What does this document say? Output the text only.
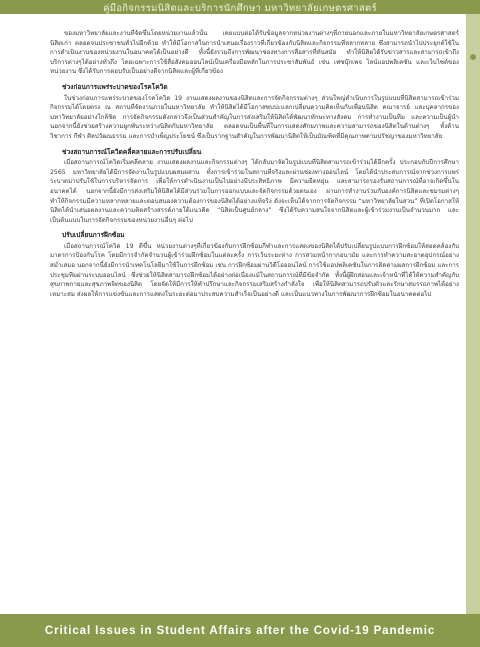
คู่มือกิจกรรมนิสิตและบริการนักศึกษา มหาวิทยาลัยเกษตรศาสตร์

ของมหาวิทยาลัยและงานที่จัดขึ้นโดยหน่วยงานแล้วนั้น เคยแบบต่อได้รับข้อมูลจากหน่วยงานต่างๆที่ภายนอกและภายในมหาวิทยาลัยเกษตรศาสตร์ นิสิตเก่า ตลอดจนประชาชนทั่วไปอีกด้วย ทำให้มีโอกาสในการนำเสนอเรื่องราวที่เกี่ยวข้องกับนิสิตและกิจกรรมที่หลากหลาย ซึ่งสามารถนำไปประยุกต์ใช้ในการดำเนินงานของหน่วยงานในอนาคตได้เป็นอย่างดี ทั้งนี้ยังรวมถึงการพัฒนาช่องทางการสื่อสารที่ทันสมัย ทำให้นิสิตได้รับข่าวสารและสามารถเข้าถึงบริการต่างๆได้อย่างทั่วถึง โดยเฉพาะการใช้สื่อสังคมออนไลน์เป็นเครื่องมือหลักในการประชาสัมพันธ์ เช่น เฟซบุ๊กเพจ ไลน์แอปพลิเคชัน และเว็บไซต์ของหน่วยงาน ซึ่งได้รับการตอบรับเป็นอย่างดีจากนิสิตและผู้ที่เกี่ยวข้อง

ช่วงก่อนการแพร่ระบาดของโรคโควิด

ในช่วงก่อนการแพร่ระบาดของโรคโควิด 19 งานแสดงผลงานของนิสิตและการจัดกิจกรรมต่างๆ ส่วนใหญ่ดำเนินการในรูปแบบที่นิสิตสามารถเข้าร่วมกิจกรรมได้โดยตรง ณ สถานที่จัดงานภายในมหาวิทยาลัย ทำให้นิสิตได้มีโอกาสพบปะแลกเปลี่ยนความคิดเห็นกับเพื่อนนิสิต คณาจารย์ และบุคลากรของมหาวิทยาลัยอย่างใกล้ชิด การจัดกิจกรรมดังกล่าวจึงเป็นส่วนสำคัญในการส่งเสริมให้นิสิตได้พัฒนาทักษะทางสังคม การทำงานเป็นทีม และความเป็นผู้นำ นอกจากนี้ยังช่วยสร้างความผูกพันระหว่างนิสิตกับมหาวิทยาลัย ตลอดจนเป็นพื้นที่ในการแสดงศักยภาพและความสามารถของนิสิตในด้านต่างๆ ทั้งด้านวิชาการ กีฬา ศิลปวัฒนธรรม และการบำเพ็ญประโยชน์ ซึ่งเป็นรากฐานสำคัญในการพัฒนานิสิตให้เป็นบัณฑิตที่มีคุณภาพตามปรัชญาของมหาวิทยาลัย

ช่วงสถานการณ์โควิดคลี่คลายและการปรับเปลี่ยน

เมื่อสถานการณ์โควิดเริ่มคลี่คลาย งานแสดงผลงานและกิจกรรมต่างๆ ได้กลับมาจัดในรูปแบบที่นิสิตสามารถเข้าร่วมได้อีกครั้ง ประกอบกับปีการศึกษา 2565 มหาวิทยาลัยได้มีการจัดงานในรูปแบบผสมผสาน ทั้งการเข้าร่วมในสถานที่จริงและผ่านช่องทางออนไลน์ โดยได้นำประสบการณ์จากช่วงการแพร่ระบาดมาปรับใช้ในการบริหารจัดการ เพื่อให้การดำเนินงานเป็นไปอย่างมีประสิทธิภาพ มีความยืดหยุ่น และสามารถรองรับสถานการณ์ที่อาจเกิดขึ้นในอนาคตได้ นอกจากนี้ยังมีการส่งเสริมให้นิสิตได้มีส่วนร่วมในการออกแบบและจัดกิจกรรมด้วยตนเอง ผ่านการทำงานร่วมกับองค์การนิสิตและชมรมต่างๆ ทำให้กิจกรรมมีความหลากหลายและตอบสนองความต้องการของนิสิตได้อย่างแท้จริง ดังจะเห็นได้จากการจัดกิจกรรม “มหาวิทยาลัยในสวน” ที่เปิดโอกาสให้นิสิตได้นำเสนอผลงานและความคิดสร้างสรรค์ภายใต้แนวคิด “นิสิตเป็นศูนย์กลาง” ซึ่งได้รับความสนใจจากนิสิตและผู้เข้าร่วมงานเป็นจำนวนมาก และเป็นต้นแบบในการจัดกิจกรรมของหน่วยงานอื่นๆ ต่อไป

ปรับเปลี่ยนการฝึกซ้อม

เมื่อสถานการณ์โควิด 19 ดีขึ้น หน่วยงานต่างๆที่เกี่ยวข้องกับการฝึกซ้อมกีฬาและการแสดงของนิสิตได้ปรับเปลี่ยนรูปแบบการฝึกซ้อมให้สอดคล้องกับมาตรการป้องกันโรค โดยมีการจำกัดจำนวนผู้เข้าร่วมฝึกซ้อมในแต่ละครั้ง การเว้นระยะห่าง การสวมหน้ากากอนามัย และการทำความสะอาดอุปกรณ์อย่างสม่ำเสมอ นอกจากนี้ยังมีการนำเทคโนโลยีมาใช้ในการฝึกซ้อม เช่น การฝึกซ้อมผ่านวิดีโอออนไลน์ การใช้แอปพลิเคชันในการติดตามผลการฝึกซ้อม และการประชุมทีมผ่านระบบออนไลน์ ซึ่งช่วยให้นิสิตสามารถฝึกซ้อมได้อย่างต่อเนื่องแม้ในสถานการณ์ที่มีข้อจำกัด ทั้งนี้ผู้ฝึกสอนและเจ้าหน้าที่ได้ให้ความสำคัญกับสุขภาพกายและสุขภาพจิตของนิสิต โดยจัดให้มีการให้คำปรึกษาและกิจกรรมเสริมสร้างกำลังใจ เพื่อให้นิสิตสามารถปรับตัวและรักษาสมรรถภาพได้อย่างเหมาะสม ส่งผลให้การแข่งขันและการแสดงในระยะต่อมาประสบความสำเร็จเป็นอย่างดี และเป็นแนวทางในการพัฒนาการฝึกซ้อมในอนาคตต่อไป

Critical Issues in Student Affairs after the Covid-19 Pandemic
